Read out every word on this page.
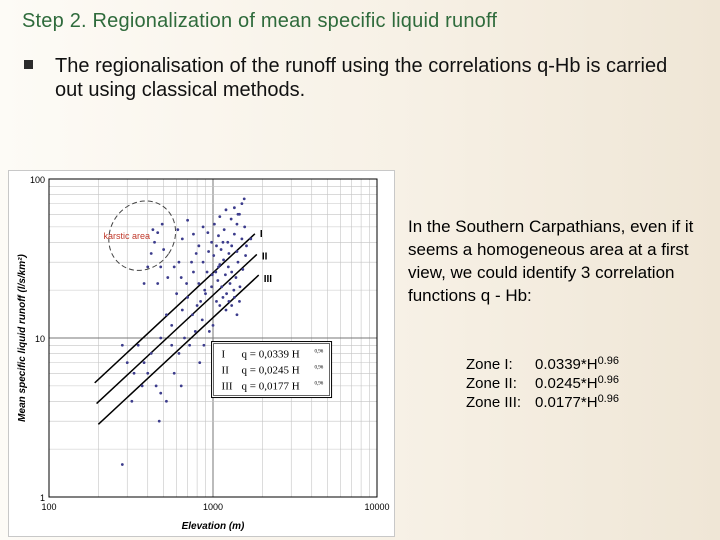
Step 2. Regionalization of mean specific liquid runoff
The regionalisation of the runoff using the correlations q-Hb is carried out using classical methods.
1
10
100
100	1000	10000
I
II
III
karstic area
I q = 0,0339 H	0,96
II q = 0,0245 H	0,96
III q = 0,0177 H	0,96
Elevation (m)
Mean specific liquid runoff (l/s/km²)
In the Southern Carpathians, even if it seems a homogeneous area at a first view, we could identify 3 correlation functions q - Hb:
Zone I: $0.0339*H^{0.96}$
Zone II: $0.0245*H^{0.96}$
Zone III: $0.0177*H^{0.96}$
